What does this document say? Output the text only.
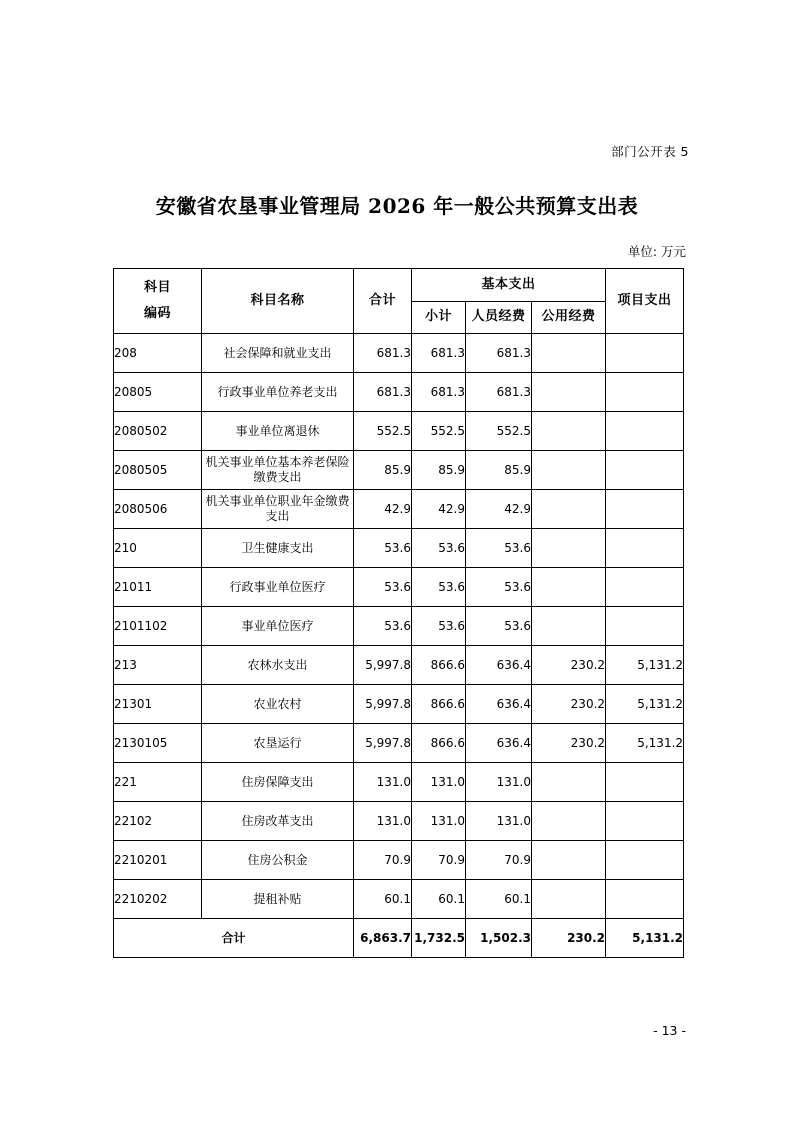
部门公开表 5
安徽省农垦事业管理局 2026 年一般公共预算支出表
单位: 万元
科目
编码	科目名称	合计	基本支出			项目支出
			小计	人员经费	公用经费	
208	社会保障和就业支出	681.3	681.3	681.3		
20805	行政事业单位养老支出	681.3	681.3	681.3		
2080502	事业单位离退休	552.5	552.5	552.5		
2080505	机关事业单位基本养老保险缴费支出	85.9	85.9	85.9		
2080506	机关事业单位职业年金缴费支出	42.9	42.9	42.9		
210	卫生健康支出	53.6	53.6	53.6		
21011	行政事业单位医疗	53.6	53.6	53.6		
2101102	事业单位医疗	53.6	53.6	53.6		
213	农林水支出	5,997.8	866.6	636.4	230.2	5,131.2
21301	农业农村	5,997.8	866.6	636.4	230.2	5,131.2
2130105	农垦运行	5,997.8	866.6	636.4	230.2	5,131.2
221	住房保障支出	131.0	131.0	131.0		
22102	住房改革支出	131.0	131.0	131.0		
2210201	住房公积金	70.9	70.9	70.9		
2210202	提租补贴	60.1	60.1	60.1		
合计		6,863.7	1,732.5	1,502.3	230.2	5,131.2
- 13 -
